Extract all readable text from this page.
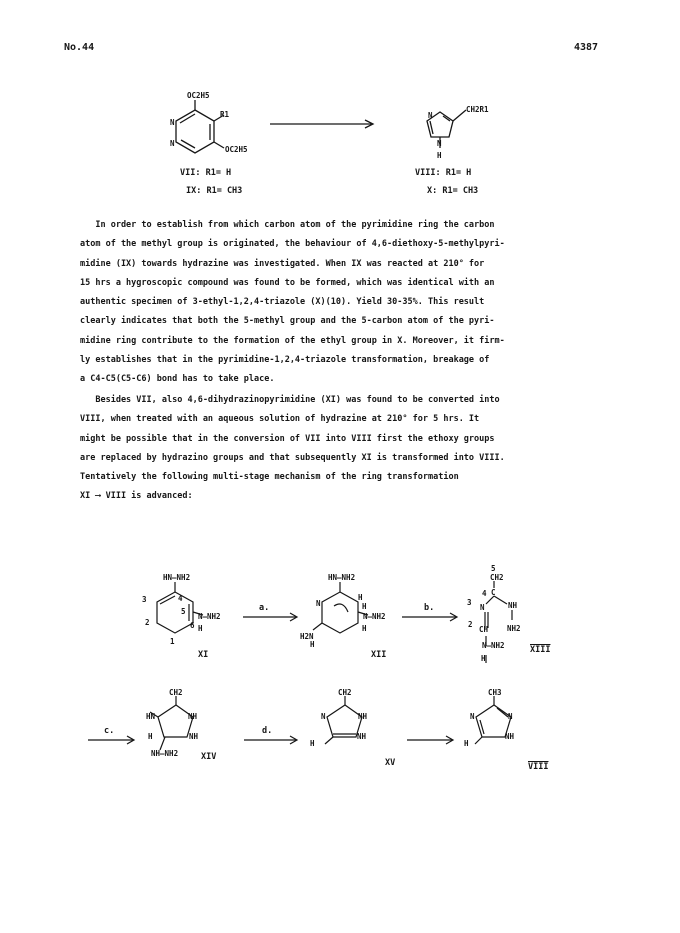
No.44	4387
OC2H5
R1
N
N
OC2H5
CH2R1
N
N
H
VII: R1= H
IX: R1= CH3
VIII: R1= H
X: R1= CH3
In order to establish from which carbon atom of the pyrimidine ring the carbon
atom of the methyl group is originated, the behaviour of 4,6-diethoxy-5-methylpyri-
midine (IX) towards hydrazine was investigated. When IX was reacted at 210° for
15 hrs a hygroscopic compound was found to be formed, which was identical with an
authentic specimen of 3-ethyl-1,2,4-triazole (X)(10). Yield 30-35%. This result
clearly indicates that both the 5-methyl group and the 5-carbon atom of the pyri-
midine ring contribute to the formation of the ethyl group in X. Moreover, it firm-
ly establishes that in the pyrimidine-1,2,4-triazole transformation, breakage of
a C4-C5(C5-C6) bond has to take place.
Besides VII, also 4,6-dihydrazinopyrimidine (XI) was found to be converted into
VIII, when treated with an aqueous solution of hydrazine at 210° for 5 hrs. It
might be possible that in the conversion of VII into VIII first the ethoxy groups
are replaced by hydrazino groups and that subsequently XI is transformed into VIII.
Tentatively the following multi-stage mechanism of the ring transformation
XI ⟶ VIII is advanced:
HN—NH2
3
2
4
5
6
1
N—NH2
H
HN—NH2
N
H
H
N—NH2
H
H2N
H
5
CH2
4 C
3
N	NH
2
CH	NH2
N—NH2
H
CH2
HN	NH
H	NH
NH—NH2
CH2
N	NH
H
NH
CH3
N	N
H
NH
a.	b.
c.	d.
XI	XII	XIII
XIV
XV	VIII
